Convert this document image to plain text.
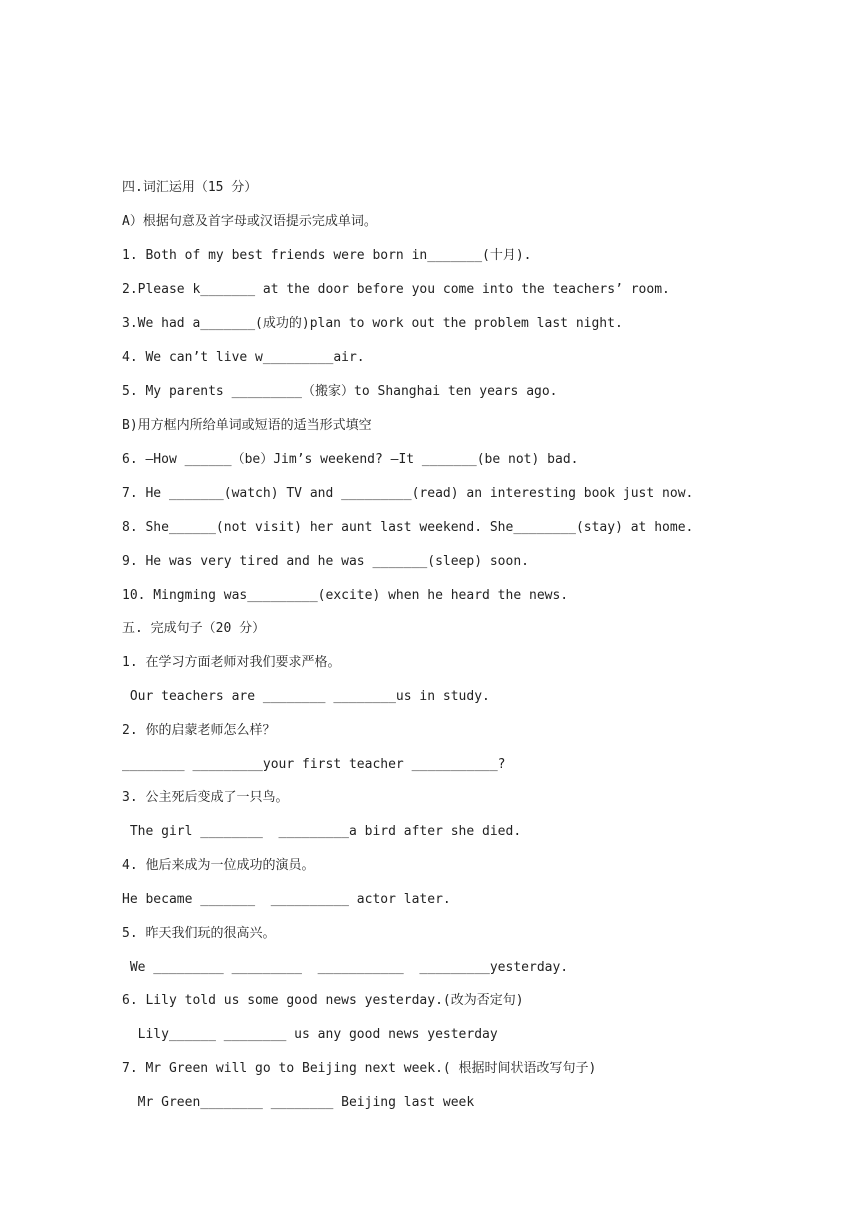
四.词汇运用（15 分）
A）根据句意及首字母或汉语提示完成单词。
1. Both of my best friends were born in_______(十月).
2.Please k_______ at the door before you come into the teachers’ room.
3.We had a_______(成功的)plan to work out the problem last night.
4. We can’t live w_________air.
5. My parents _________（搬家）to Shanghai ten years ago.
B)用方框内所给单词或短语的适当形式填空
6. –How ______（be）Jim’s weekend? –It _______(be not) bad.
7. He _______(watch) TV and _________(read) an interesting book just now.
8. She______(not visit) her aunt last weekend. She________(stay) at home.
9. He was very tired and he was _______(sleep) soon.
10. Mingming was_________(excite) when he heard the news.
五. 完成句子（20 分）
1. 在学习方面老师对我们要求严格。
Our teachers are ________ ________us in study.
2. 你的启蒙老师怎么样？
________ _________your first teacher ___________?
3. 公主死后变成了一只鸟。
The girl ________  _________a bird after she died.
4. 他后来成为一位成功的演员。
He became _______  __________ actor later.
5. 昨天我们玩的很高兴。
We _________ _________  ___________  _________yesterday.
6. Lily told us some good news yesterday.(改为否定句)
Lily______ ________ us any good news yesterday
7. Mr Green will go to Beijing next week.( 根据时间状语改写句子)
Mr Green________ ________ Beijing last week
